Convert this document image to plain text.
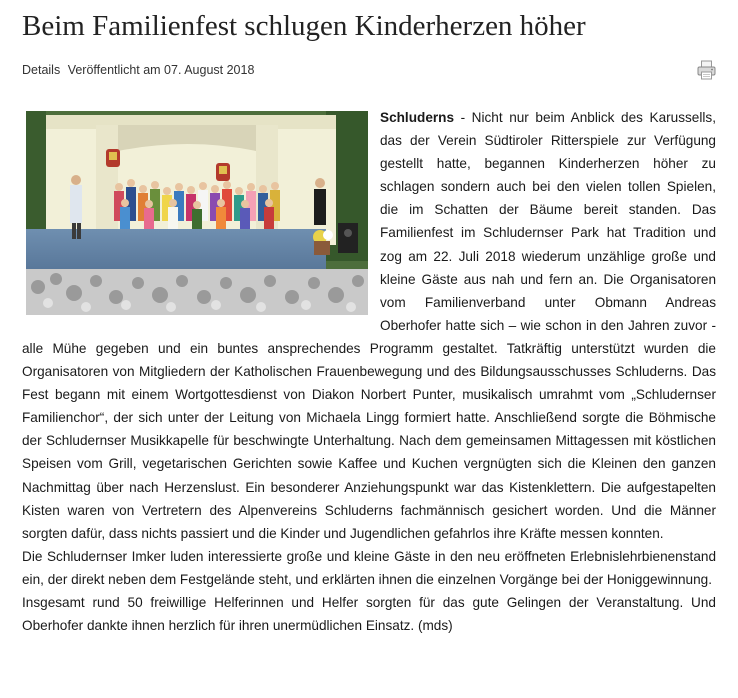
Beim Familienfest schlugen Kinderherzen höher
Details Veröffentlicht am 07. August 2018

Schluderns - Nicht nur beim Anblick des Karussells, das der Verein Südtiroler Ritterspiele zur Verfügung gestellt hatte, begannen Kinderherzen höher zu schlagen sondern auch bei den vielen tollen Spielen, die im Schatten der Bäume bereit standen. Das Familienfest im Schludernser Park hat Tradition und zog am 22. Juli 2018 wiederum unzählige große und kleine Gäste aus nah und fern an. Die Organisatoren vom Familienverband unter Obmann Andreas Oberhofer hatte sich – wie schon in den Jahren zuvor - alle Mühe gegeben und ein buntes ansprechendes Programm gestaltet. Tatkräftig unterstützt wurden die Organisatoren von Mitgliedern der Katholischen Frauenbewegung und des Bildungsausschusses Schluderns. Das Fest begann mit einem Wortgottesdienst von Diakon Norbert Punter, musikalisch umrahmt vom „Schludernser Familienchor“, der sich unter der Leitung von Michaela Lingg formiert hatte. Anschließend sorgte die Böhmische der Schludernser Musikkapelle für beschwingte Unterhaltung. Nach dem gemeinsamen Mittagessen mit köstlichen Speisen vom Grill, vegetarischen Gerichten sowie Kaffee und Kuchen vergnügten sich die Kleinen den ganzen Nachmittag über nach Herzenslust. Ein besonderer Anziehungspunkt war das Kistenklettern. Die aufgestapelten Kisten waren von Vertretern des Alpenvereins Schluderns fachmännisch gesichert worden. Und die Männer sorgten dafür, dass nichts passiert und die Kinder und Jugendlichen gefahrlos ihre Kräfte messen konnten.

Die Schludernser Imker luden interessierte große und kleine Gäste in den neu eröffneten Erlebnislehrbienenstand ein, der direkt neben dem Festgelände steht, und erklärten ihnen die einzelnen Vorgänge bei der Honiggewinnung.

Insgesamt rund 50 freiwillige Helferinnen und Helfer sorgten für das gute Gelingen der Veranstaltung. Und Oberhofer dankte ihnen herzlich für ihren unermüdlichen Einsatz. (mds)
